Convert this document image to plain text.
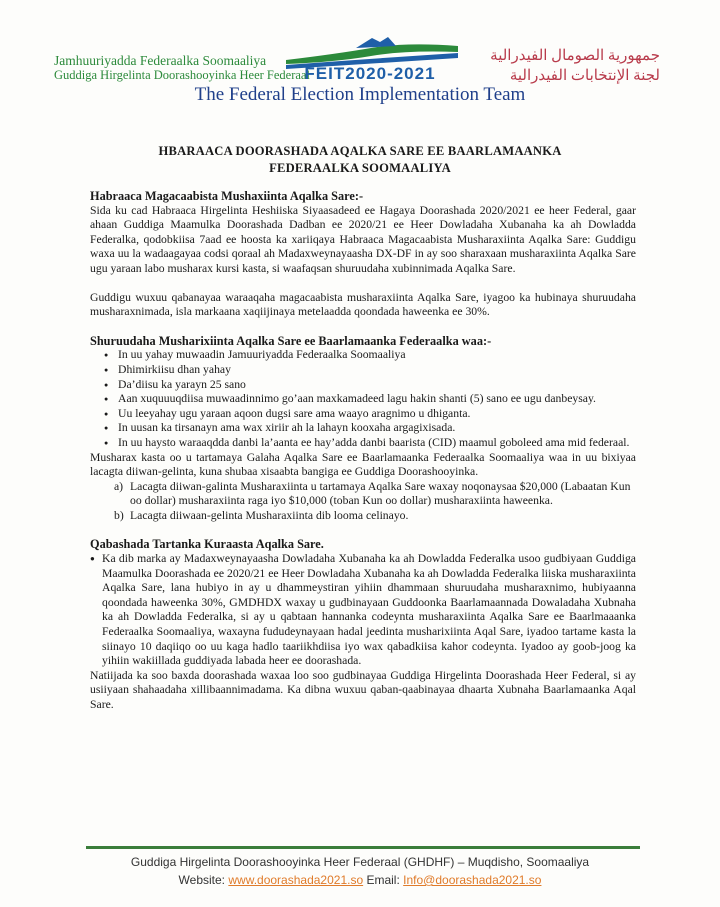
Jamhuuriyadda Federaalka Soomaaliya
Guddiga Hirgelinta Doorashooyinka Heer Federaal
FEIT2020-2021
جمهورية الصومال الفيدرالية
لجنة الإنتخابات الفيدرالية
The Federal Election Implementation Team
HBARAACA DOORASHADA AQALKA SARE EE BAARLAMAANKA
FEDERAALKA SOOMAALIYA
Habraaca Magacaabista Mushaxiinta Aqalka Sare:-

Sida ku cad Habraaca Hirgelinta Heshiiska Siyaasadeed ee Hagaya Doorashada 2020/2021 ee heer Federal, gaar ahaan Guddiga Maamulka Doorashada Dadban ee 2020/21 ee Heer Dowladaha Xubanaha ka ah Dowladda Federalka, qodobkiisa 7aad ee hoosta ka xariiqaya Habraaca Magacaabista Musharaxiinta Aqalka Sare: Guddigu waxa uu la wadaagayaa codsi qoraal ah Madaxweynayaasha DX-DF in ay soo sharaxaan musharaxiinta Aqalka Sare ugu yaraan labo musharax kursi kasta, si waafaqsan shuruudaha xubinnimada Aqalka Sare.

Guddigu wuxuu qabanayaa waraaqaha magacaabista musharaxiinta Aqalka Sare, iyagoo ka hubinaya shuruudaha musharaxnimada, isla markaana xaqiijinaya metelaadda qoondada haweenka ee 30%.

Shuruudaha Musharixiinta Aqalka Sare ee Baarlamaanka Federaalka waa:-
● In uu yahay muwaadin Jamuuriyadda Federaalka Soomaaliya
● Dhimirkiisu dhan yahay
● Da’diisu ka yarayn 25 sano
● Aan xuquuuqdiisa muwaadinnimo go’aan maxkamadeed lagu hakin shanti (5) sano ee ugu danbeysay.
● Uu leeyahay ugu yaraan aqoon dugsi sare ama waayo aragnimo u dhiganta.
● In uusan ka tirsanayn ama wax xiriir ah la lahayn kooxaha argagixisada.
● In uu haysto waraaqdda danbi la’aanta ee hay’adda danbi baarista (CID) maamul goboleed ama mid federaal.

Musharax kasta oo u tartamaya Galaha Aqalka Sare ee Baarlamaanka Federaalka Soomaaliya waa in uu bixiyaa lacagta diiwan-gelinta, kuna shubaa xisaabta bangiga ee Guddiga Doorashooyinka.

a) Lacagta diiwan-galinta Musharaxiinta u tartamaya Aqalka Sare waxay noqonaysaa $20,000 (Labaatan Kun oo dollar) musharaxiinta raga iyo $10,000 (toban Kun oo dollar) musharaxiinta haweenka.
b) Lacagta diiwaan-gelinta Musharaxiinta dib looma celinayo.
Qabashada Tartanka Kuraasta Aqalka Sare.
● Ka dib marka ay Madaxweynayaasha Dowladaha Xubanaha ka ah Dowladda Federalka usoo gudbiyaan Guddiga Maamulka Doorashada ee 2020/21 ee Heer Dowladaha Xubanaha ka ah Dowladda Federalka liiska musharaxiinta Aqalka Sare, lana hubiyo in ay u dhammeystiran yihiin dhammaan shuruudaha musharaxnimo, hubiyaanna qoondada haweenka 30%, GMDHDX waxay u gudbinayaan Guddoonka Baarlamaannada Dowaladaha Xubnaha ka ah Dowladda Federalka, si ay u qabtaan hannanka codeynta musharaxiinta Aqalka Sare ee Baarlmaaanka Federaalka Soomaaliya, waxayna fududeynayaan hadal jeedinta musharixiinta Aqal Sare, iyadoo tartame kasta la siinayo 10 daqiiqo oo uu kaga hadlo taariikhdiisa iyo wax qabadkiisa kahor codeynta. Iyadoo ay goob-joog ka yihiin wakiillada guddiyada labada heer ee doorashada.

Natiijada ka soo baxda doorashada waxaa loo soo gudbinayaa Guddiga Hirgelinta Doorashada Heer Federal, si ay usiiyaan shahaadaha xillibaannimadama. Ka dibna wuxuu qaban-qaabinayaa dhaarta Xubnaha Baarlamaanka Aqal Sare.

Guddiga Hirgelinta Doorashooyinka Heer Federaal (GHDHF) – Muqdisho, Soomaaliya
Website: www.doorashada2021.so Email: Info@doorashada2021.so
